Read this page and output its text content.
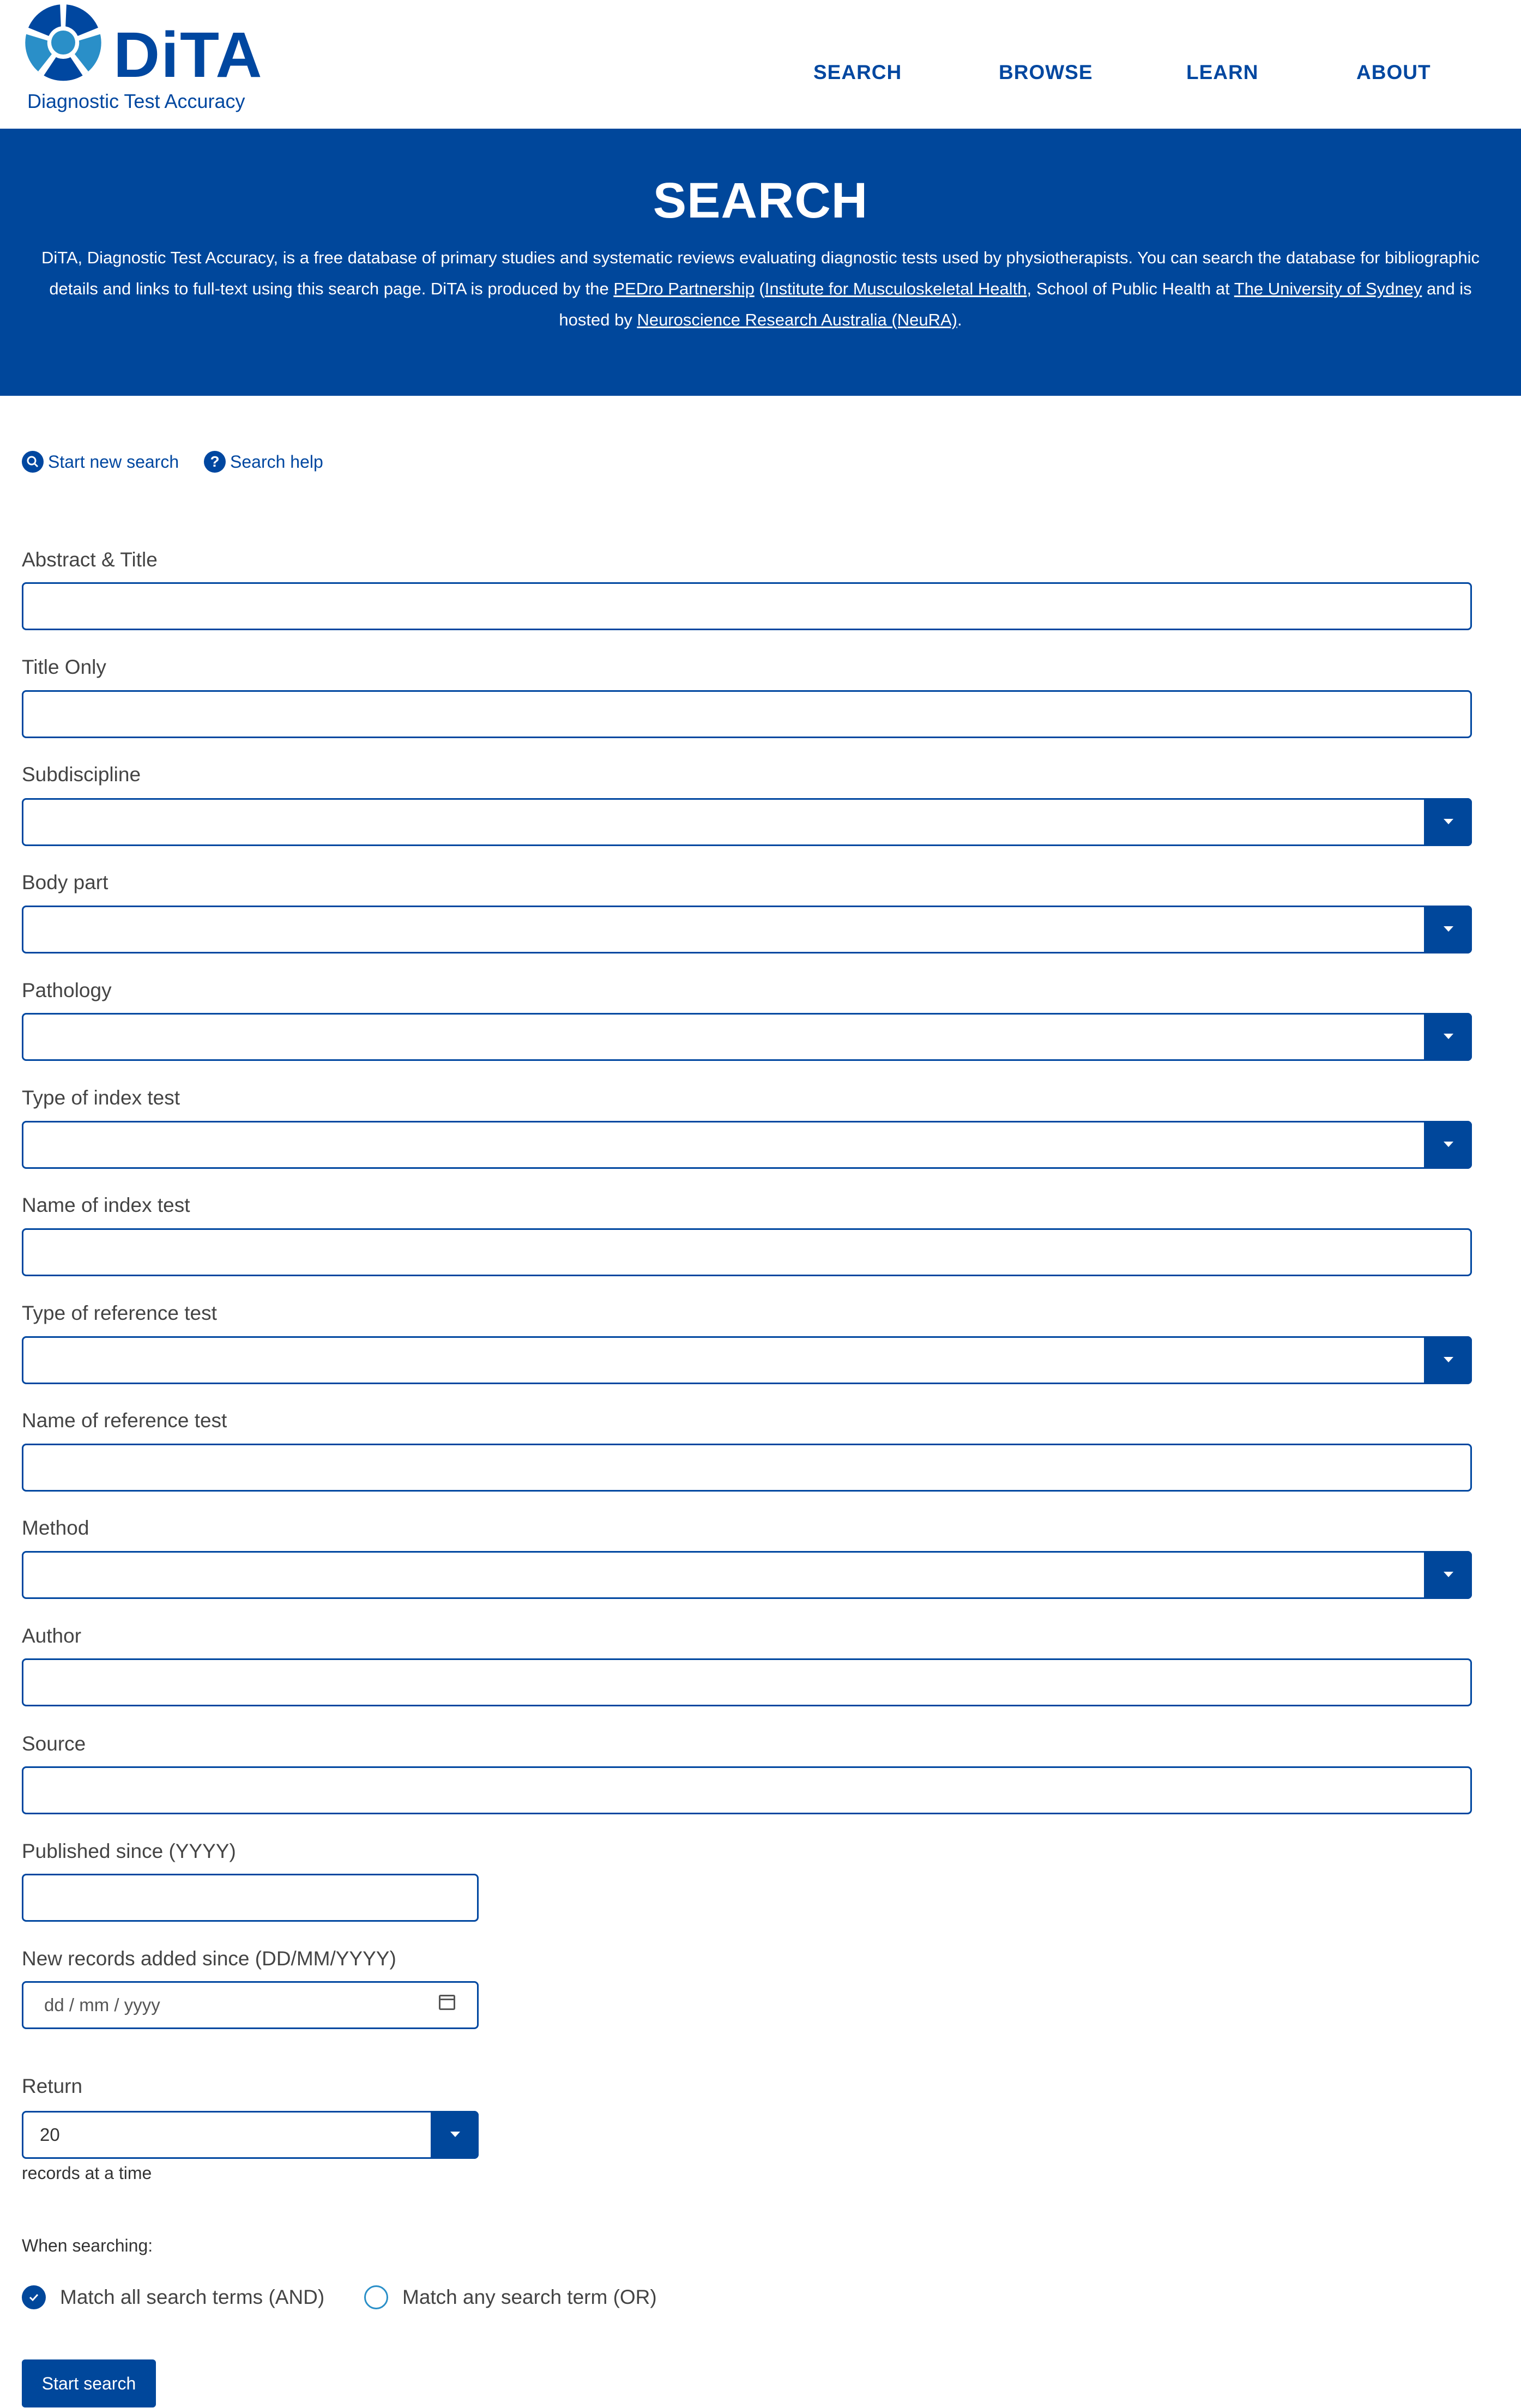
DiTA
Diagnostic Test Accuracy
SEARCH	BROWSE	LEARN	ABOUT
SEARCH
DiTA, Diagnostic Test Accuracy, is a free database of primary studies and systematic reviews evaluating diagnostic tests used by physiotherapists. You can search the database for bibliographic details and links to full-text using this search page. DiTA is produced by the PEDro Partnership (Institute for Musculoskeletal Health, School of Public Health at The University of Sydney and is hosted by Neuroscience Research Australia (NeuRA).
Start new search	? Search help
Abstract & Title
Title Only
Subdiscipline
Body part
Pathology
Type of index test
Name of index test
Type of reference test
Name of reference test
Method
Author
Source
Published since (YYYY)
New records added since (DD/MM/YYYY)
dd / mm / yyyy
Return
20
records at a time
When searching:
Match all search terms (AND)	Match any search term (OR)
Start search
